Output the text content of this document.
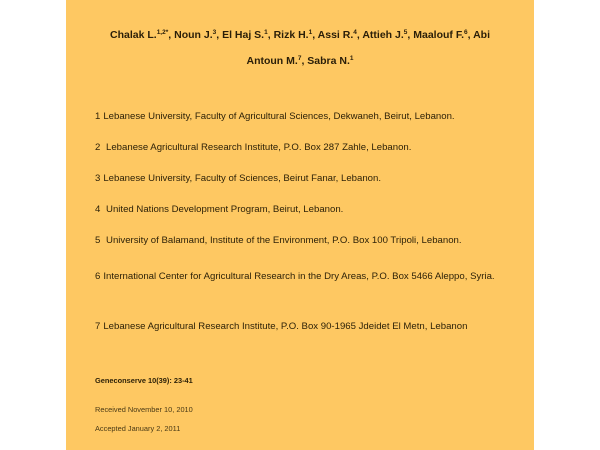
Chalak L.$^{1,2*}$, Noun J.$^3$, El Haj S.$^1$, Rizk H.$^1$, Assi R.$^4$, Attieh J.$^5$, Maalouf F.$^6$, Abi
Antoun M.$^7$, Sabra N.$^1$
1 Lebanese University, Faculty of Agricultural Sciences, Dekwaneh, Beirut, Lebanon.
2 Lebanese Agricultural Research Institute, P.O. Box 287 Zahle, Lebanon.
3 Lebanese University, Faculty of Sciences, Beirut Fanar, Lebanon.
4 United Nations Development Program, Beirut, Lebanon.
5 University of Balamand, Institute of the Environment, P.O. Box 100 Tripoli, Lebanon.
6 International Center for Agricultural Research in the Dry Areas, P.O. Box 5466 Aleppo, Syria.
7 Lebanese Agricultural Research Institute, P.O. Box 90-1965 Jdeidet El Metn, Lebanon
Geneconserve 10(39): 23-41
Received November 10, 2010
Accepted January 2, 2011
